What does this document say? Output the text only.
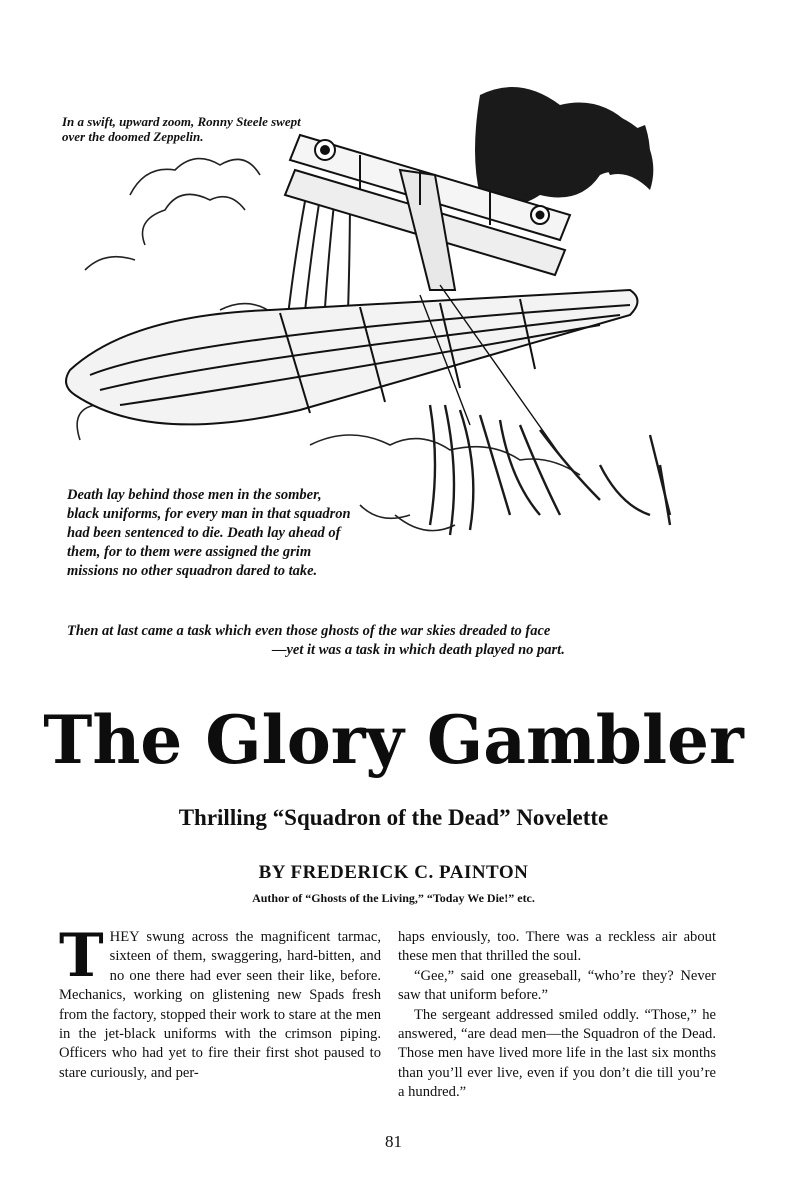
In a swift, upward zoom, Ronny Steele swept over the doomed Zeppelin.
Death lay behind those men in the somber, black uniforms, for every man in that squadron had been sentenced to die. Death lay ahead of them, for to them were assigned the grim missions no other squadron dared to take.
Then at last came a task which even those ghosts of the war skies dreaded to face
—yet it was a task in which death played no part.
The Glory Gambler
Thrilling “Squadron of the Dead” Novelette
BY FREDERICK C. PAINTON
Author of “Ghosts of the Living,” “Today We Die!” etc.

THEY swung across the magnificent tarmac, sixteen of them, swaggering, hard-bitten, and no one there had ever seen their like, before. Mechanics, working on glistening new Spads fresh from the factory, stopped their work to stare at the men in the jet-black uniforms with the crimson piping. Officers who had yet to fire their first shot paused to stare curiously, and per-

haps enviously, too. There was a reckless air about these men that thrilled the soul.

“Gee,” said one greaseball, “who’re they? Never saw that uniform before.”

The sergeant addressed smiled oddly. “Those,” he answered, “are dead men—the Squadron of the Dead. Those men have lived more life in the last six months than you’ll ever live, even if you don’t die till you’re a hundred.”

81
